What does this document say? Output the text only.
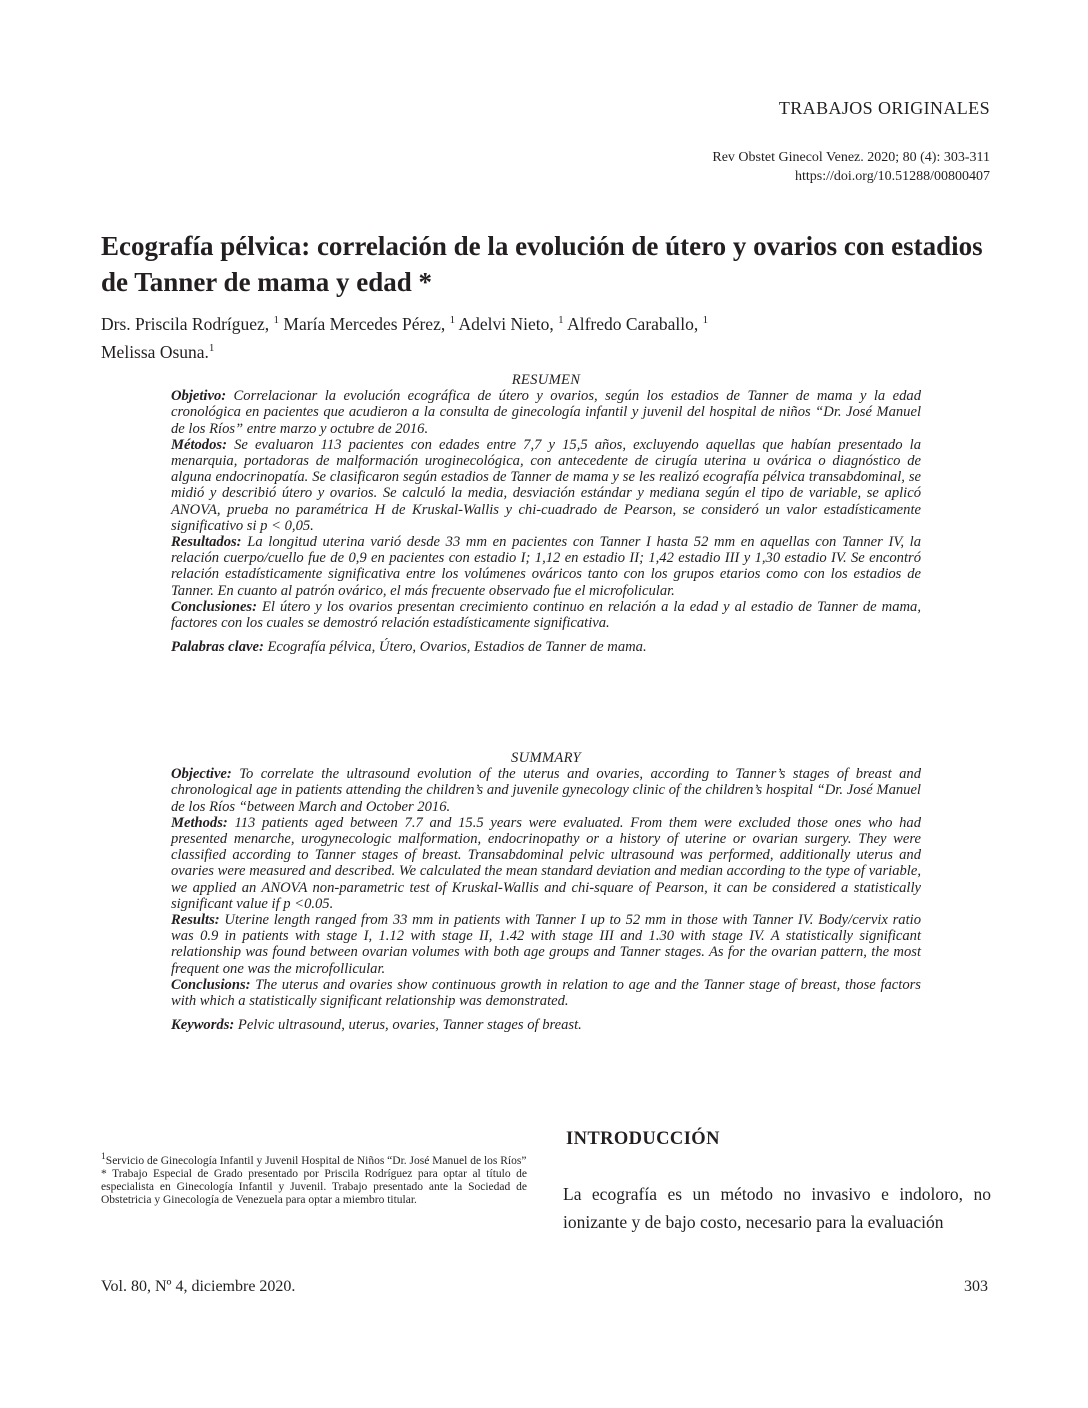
TRABAJOS ORIGINALES
Rev Obstet Ginecol Venez. 2020; 80 (4): 303-311
https://doi.org/10.51288/00800407
Ecografía pélvica: correlación de la evolución de útero y ovarios con estadios de Tanner de mama y edad *
Drs. Priscila Rodríguez, $^1$ María Mercedes Pérez, $^1$ Adelvi Nieto, $^1$ Alfredo Caraballo, $^1$
Melissa Osuna.$^1$
RESUMEN

Objetivo: Correlacionar la evolución ecográfica de útero y ovarios, según los estadios de Tanner de mama y la edad cronológica en pacientes que acudieron a la consulta de ginecología infantil y juvenil del hospital de niños “Dr. José Manuel de los Ríos” entre marzo y octubre de 2016.

Métodos: Se evaluaron 113 pacientes con edades entre 7,7 y 15,5 años, excluyendo aquellas que habían presentado la menarquia, portadoras de malformación uroginecológica, con antecedente de cirugía uterina u ovárica o diagnóstico de alguna endocrinopatía. Se clasificaron según estadios de Tanner de mama y se les realizó ecografía pélvica transabdominal, se midió y describió útero y ovarios. Se calculó la media, desviación estándar y mediana según el tipo de variable, se aplicó ANOVA, prueba no paramétrica H de Kruskal-Wallis y chi-cuadrado de Pearson, se consideró un valor estadísticamente significativo si p < 0,05.

Resultados: La longitud uterina varió desde 33 mm en pacientes con Tanner I hasta 52 mm en aquellas con Tanner IV, la relación cuerpo/cuello fue de 0,9 en pacientes con estadio I; 1,12 en estadio II; 1,42 estadio III y 1,30 estadio IV. Se encontró relación estadísticamente significativa entre los volúmenes ováricos tanto con los grupos etarios como con los estadios de Tanner. En cuanto al patrón ovárico, el más frecuente observado fue el microfolicular.

Conclusiones: El útero y los ovarios presentan crecimiento continuo en relación a la edad y al estadio de Tanner de mama, factores con los cuales se demostró relación estadísticamente significativa.

Palabras clave: Ecografía pélvica, Útero, Ovarios, Estadios de Tanner de mama.

SUMMARY

Objective: To correlate the ultrasound evolution of the uterus and ovaries, according to Tanner’s stages of breast and chronological age in patients attending the children’s and juvenile gynecology clinic of the children’s hospital “Dr. José Manuel de los Ríos “between March and October 2016.

Methods: 113 patients aged between 7.7 and 15.5 years were evaluated. From them were excluded those ones who had presented menarche, urogynecologic malformation, endocrinopathy or a history of uterine or ovarian surgery. They were classified according to Tanner stages of breast. Transabdominal pelvic ultrasound was performed, additionally uterus and ovaries were measured and described. We calculated the mean standard deviation and median according to the type of variable, we applied an ANOVA non-parametric test of Kruskal-Wallis and chi-square of Pearson, it can be considered a statistically significant value if p <0.05.

Results: Uterine length ranged from 33 mm in patients with Tanner I up to 52 mm in those with Tanner IV. Body/cervix ratio was 0.9 in patients with stage I, 1.12 with stage II, 1.42 with stage III and 1.30 with stage IV. A statistically significant relationship was found between ovarian volumes with both age groups and Tanner stages. As for the ovarian pattern, the most frequent one was the microfollicular.

Conclusions: The uterus and ovaries show continuous growth in relation to age and the Tanner stage of breast, those factors with which a statistically significant relationship was demonstrated.

Keywords: Pelvic ultrasound, uterus, ovaries, Tanner stages of breast.

$^1$Servicio de Ginecología Infantil y Juvenil Hospital de Niños “Dr. José Manuel de los Ríos”

* Trabajo Especial de Grado presentado por Priscila Rodríguez para optar al título de especialista en Ginecología Infantil y Juvenil. Trabajo presentado ante la Sociedad de Obstetricia y Ginecología de Venezuela para optar a miembro titular.

INTRODUCCIÓN
La ecografía es un método no invasivo e indoloro, no ionizante y de bajo costo, necesario para la evaluación
Vol. 80, Nº 4, diciembre 2020.	303
